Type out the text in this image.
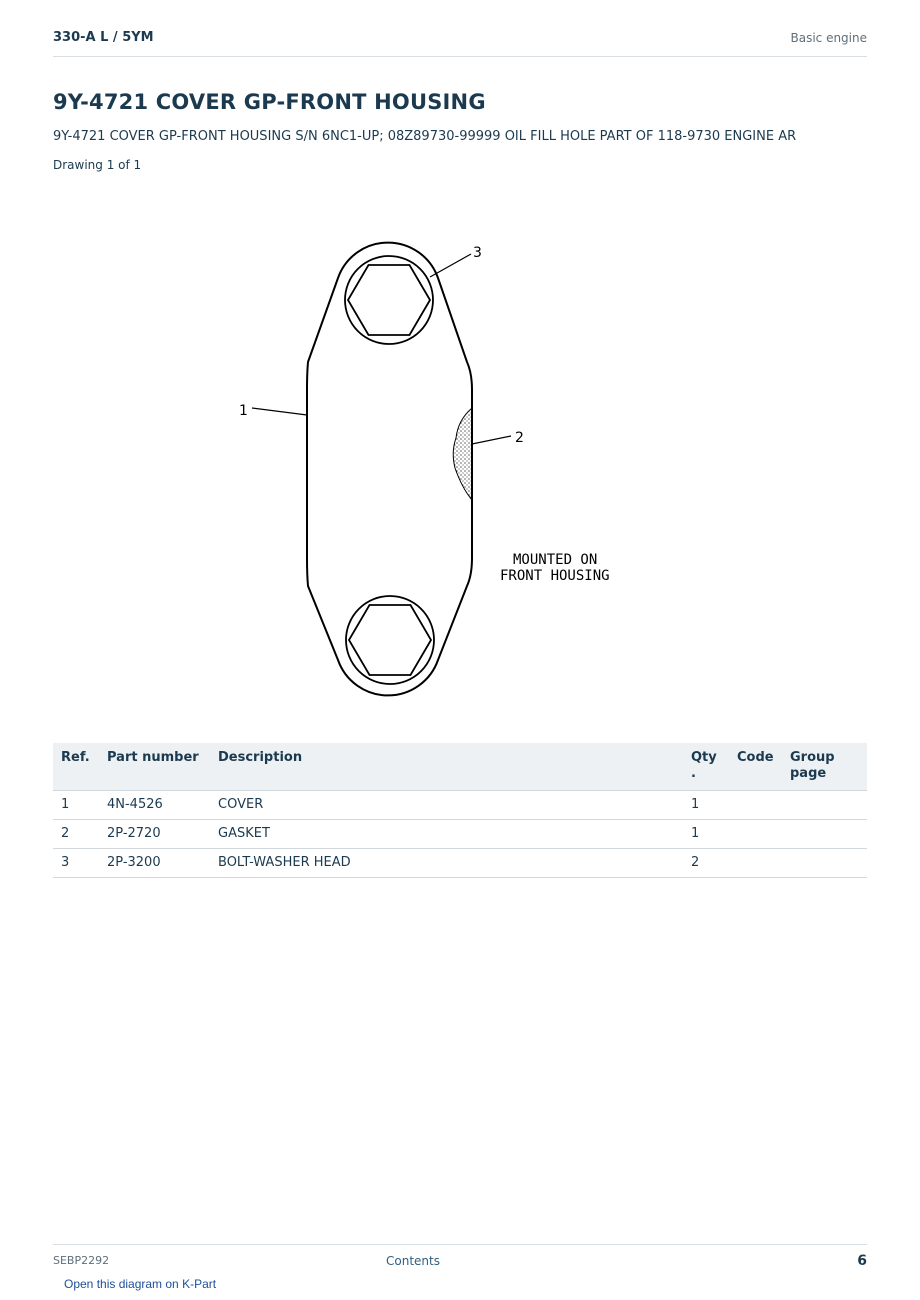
330-A L / 5YM	Basic engine
9Y-4721 COVER GP-FRONT HOUSING
9Y-4721 COVER GP-FRONT HOUSING S/N 6NC1-UP; 08Z89730-99999 OIL FILL HOLE PART OF 118-9730 ENGINE AR
Drawing 1 of 1
1
2
3
MOUNTED ON
FRONT HOUSING
Ref.	Part number	Description	Qty .	Code	Group page
1	4N-4526	COVER	1		
2	2P-2720	GASKET	1		
3	2P-3200	BOLT-WASHER HEAD	2		
SEBP2292	Contents	6
Open this diagram on K-Part
